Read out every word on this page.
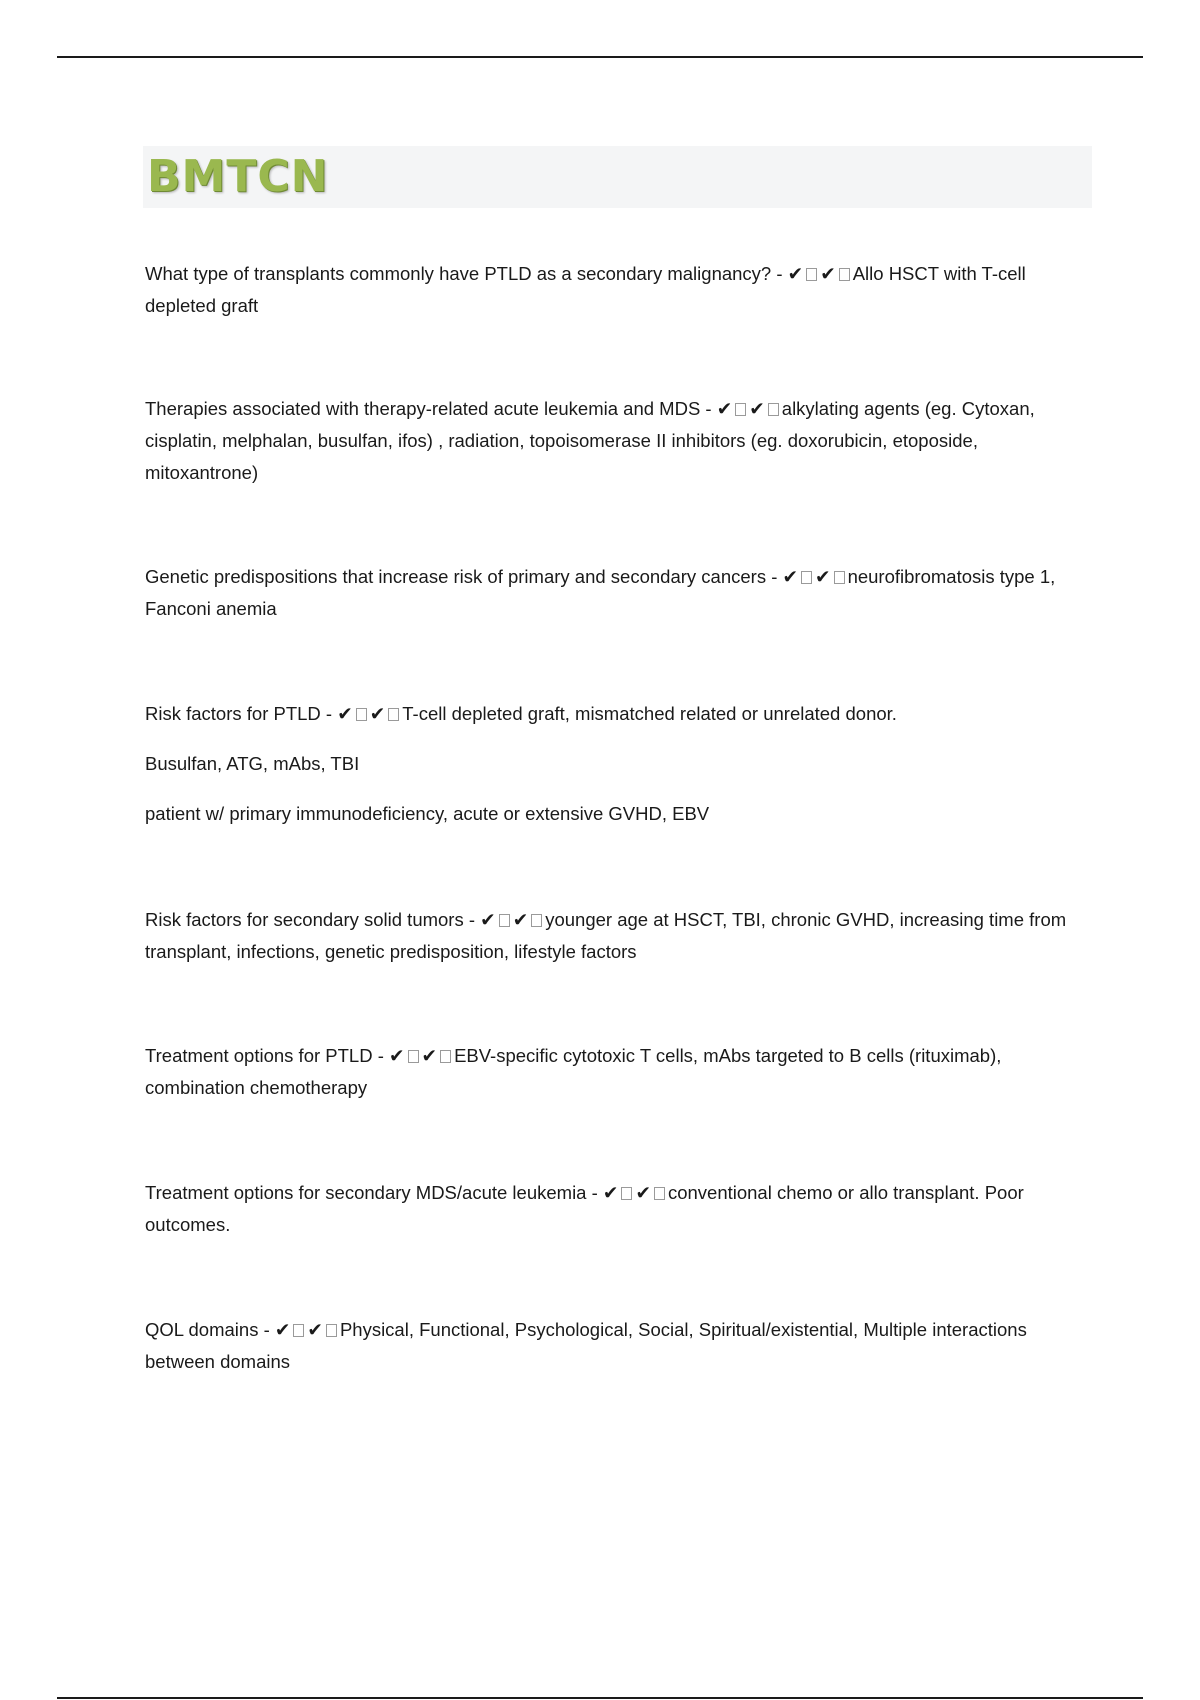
BMTCN

What type of transplants commonly have PTLD as a secondary malignancy? - ✔ ✔ Allo HSCT with T-cell depleted graft

Therapies associated with therapy-related acute leukemia and MDS - ✔ ✔ alkylating agents (eg. Cytoxan, cisplatin, melphalan, busulfan, ifos) , radiation, topoisomerase II inhibitors (eg. doxorubicin, etoposide, mitoxantrone)

Genetic predispositions that increase risk of primary and secondary cancers - ✔ ✔ neurofibromatosis type 1, Fanconi anemia

Risk factors for PTLD - ✔ ✔ T-cell depleted graft, mismatched related or unrelated donor.

Busulfan, ATG, mAbs, TBI

patient w/ primary immunodeficiency, acute or extensive GVHD, EBV

Risk factors for secondary solid tumors - ✔ ✔ younger age at HSCT, TBI, chronic GVHD, increasing time from transplant, infections, genetic predisposition, lifestyle factors

Treatment options for PTLD - ✔ ✔ EBV-specific cytotoxic T cells, mAbs targeted to B cells (rituximab), combination chemotherapy

Treatment options for secondary MDS/acute leukemia - ✔ ✔ conventional chemo or allo transplant. Poor outcomes.

QOL domains - ✔ ✔ Physical, Functional, Psychological, Social, Spiritual/existential, Multiple interactions between domains
